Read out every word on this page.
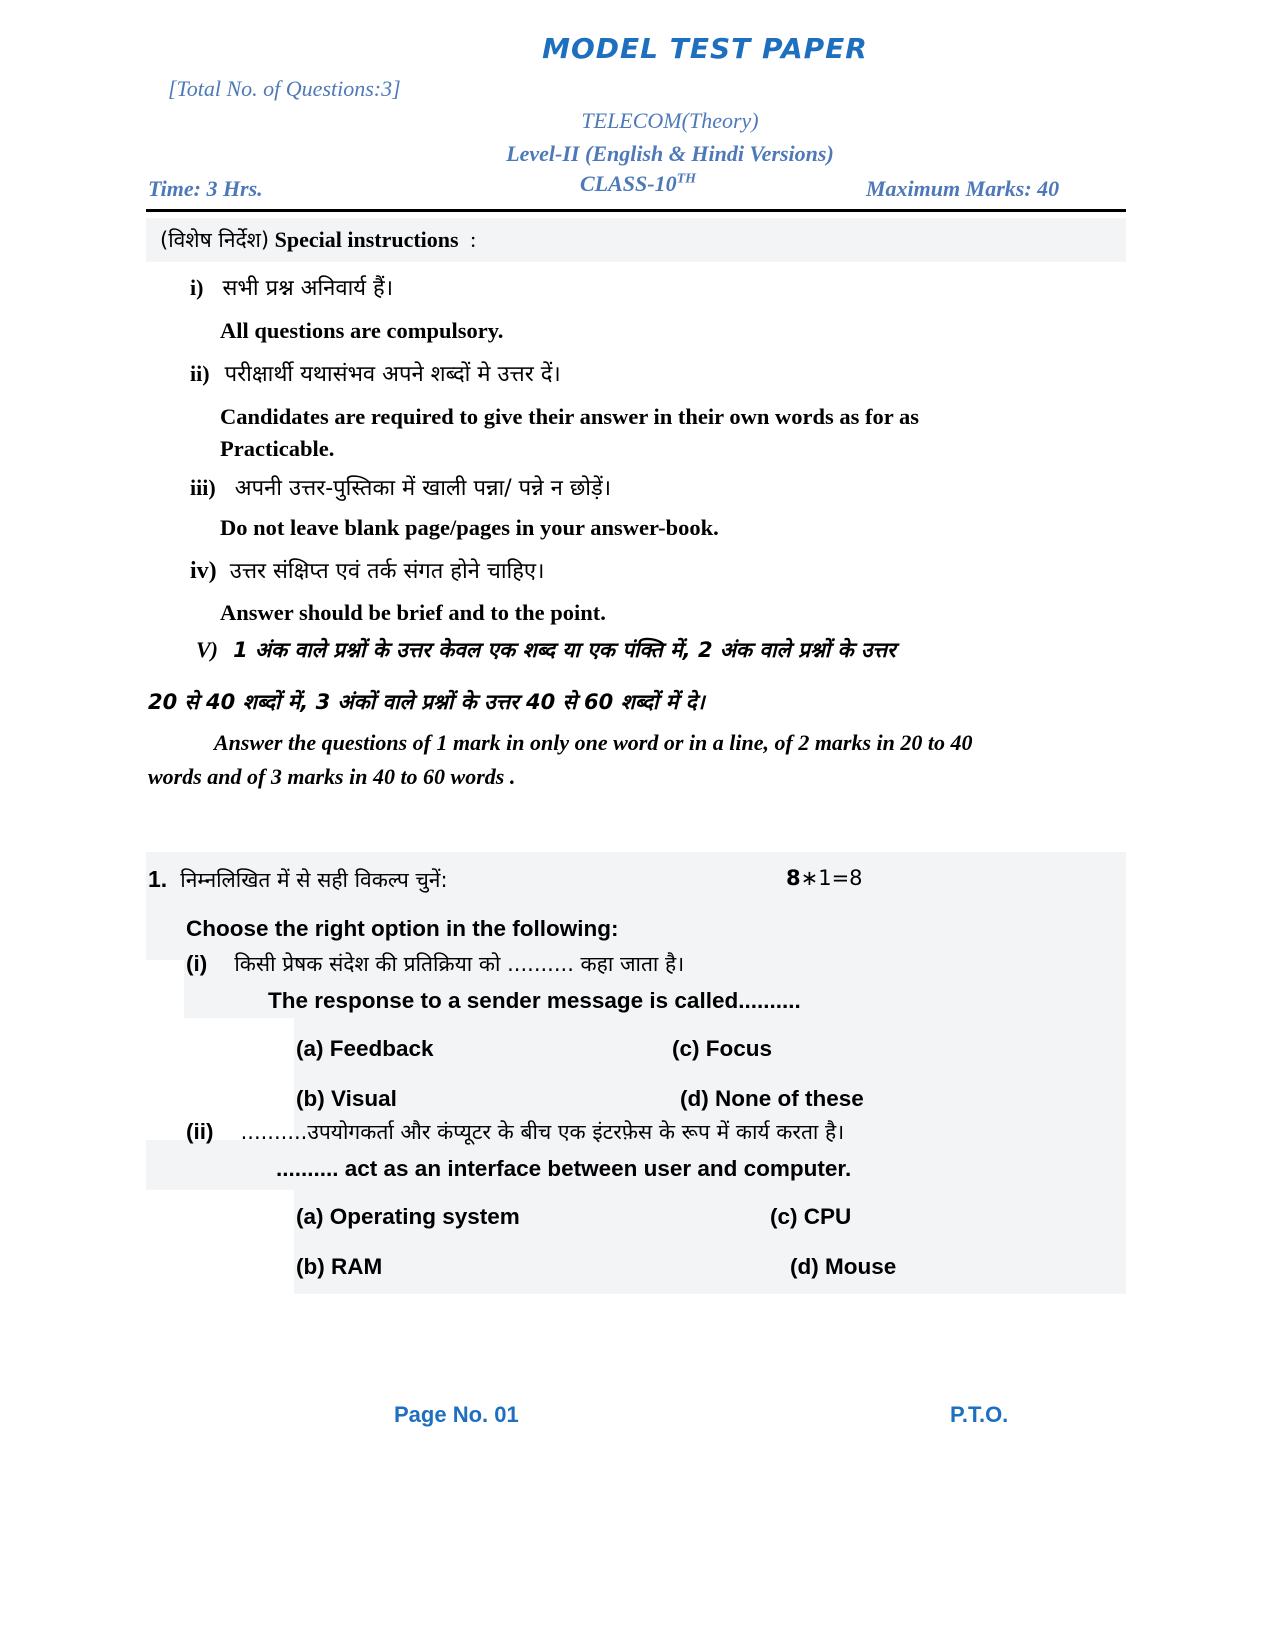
MODEL TEST PAPER
[Total No. of Questions:3]
TELECOM(Theory)
Level-II (English & Hindi Versions)
Time: 3 Hrs.	CLASS-10TH	Maximum Marks: 40
(विशेष निर्देश) Special instructions :
i) सभी प्रश्न अनिवार्य हैं।
All questions are compulsory.
ii) परीक्षार्थी यथासंभव अपने शब्दों मे उत्तर दें।
Candidates are required to give their answer in their own words as for as
Practicable.
iii) अपनी उत्तर-पुस्तिका में खाली पन्ना/ पन्ने न छोड़ें।
Do not leave blank page/pages in your answer-book.
iv) उत्तर संक्षिप्त एवं तर्क संगत होने चाहिए।
Answer should be brief and to the point.
V) 1 अंक वाले प्रश्नों के उत्तर केवल एक शब्द या एक पंक्ति में, 2 अंक वाले प्रश्नों के उत्तर
20 से 40 शब्दों में, 3 अंकों वाले प्रश्नों के उत्तर 40 से 60 शब्दों में दे।
Answer the questions of 1 mark in only one word or in a line, of 2 marks in 20 to 40
words and of 3 marks in 40 to 60 words .
1. निम्नलिखित में से सही विकल्प चुनें:	8∗1=8
Choose the right option in the following:
(i) किसी प्रेषक संदेश की प्रतिक्रिया को .......... कहा जाता है।
The response to a sender message is called..........
(a) Feedback	(c) Focus
(b) Visual	(d) None of these
(ii) ..........उपयोगकर्ता और कंप्यूटर के बीच एक इंटरफ़ेस के रूप में कार्य करता है।
.......... act as an interface between user and computer.
(a) Operating system	(c) CPU
(b) RAM	(d) Mouse
Page No. 01	P.T.O.
